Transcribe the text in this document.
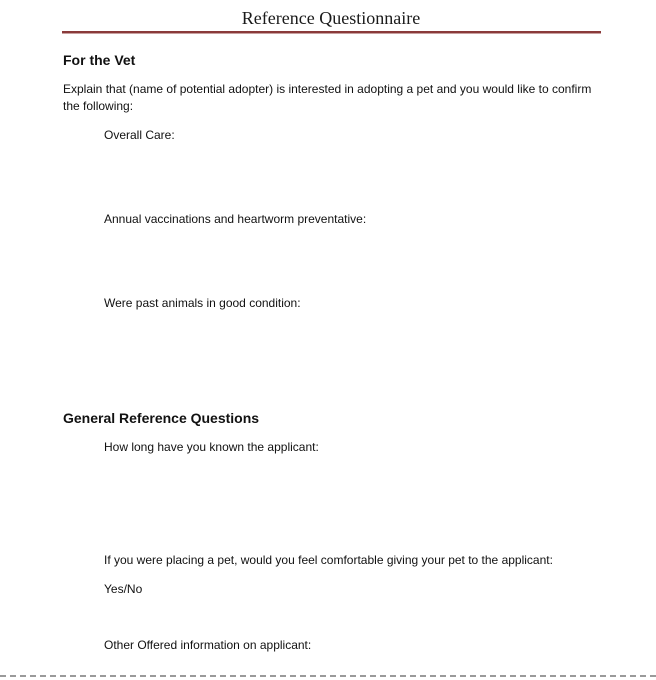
Reference Questionnaire
For the Vet
Explain that (name of potential adopter) is interested in adopting a pet and you would like to confirm the following:
Overall Care:
Annual vaccinations and heartworm preventative:
Were past animals in good condition:
General Reference Questions
How long have you known the applicant:
If you were placing a pet, would you feel comfortable giving your pet to the applicant:
Yes/No
Other Offered information on applicant:
